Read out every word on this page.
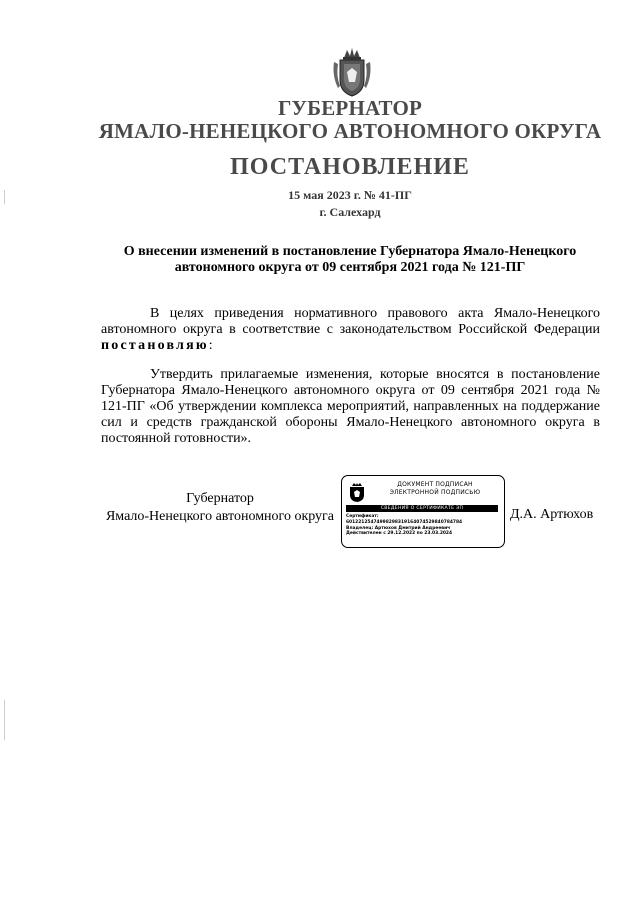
ГУБЕРНАТОР
ЯМАЛО-НЕНЕЦКОГО АВТОНОМНОГО ОКРУГА
ПОСТАНОВЛЕНИЕ
15 мая 2023 г. № 41-ПГ
г. Салехард
О внесении изменений в постановление Губернатора Ямало-Ненецкого автономного округа от 09 сентября 2021 года № 121-ПГ
В целях приведения нормативного правового акта Ямало-Ненецкого автономного округа в соответствие с законодательством Российской Федерации постановляю:
Утвердить прилагаемые изменения, которые вносятся в постановление Губернатора Ямало-Ненецкого автономного округа от 09 сентября 2021 года № 121-ПГ «Об утверждении комплекса мероприятий, направленных на поддержание сил и средств гражданской обороны Ямало-Ненецкого автономного округа в постоянной готовности».
Губернатор
Ямало-Ненецкого автономного округа
ДОКУМЕНТ ПОДПИСАН
ЭЛЕКТРОННОЙ ПОДПИСЬЮ
СВЕДЕНИЯ О СЕРТИФИКАТЕ ЭП
Сертификат:
6012212547499829831916407452984078​4784
Владелец: Артюхов Дмитрий Андреевич
Действителен с 29.12.2022 по 23.03.2024
Д.А. Артюхов
